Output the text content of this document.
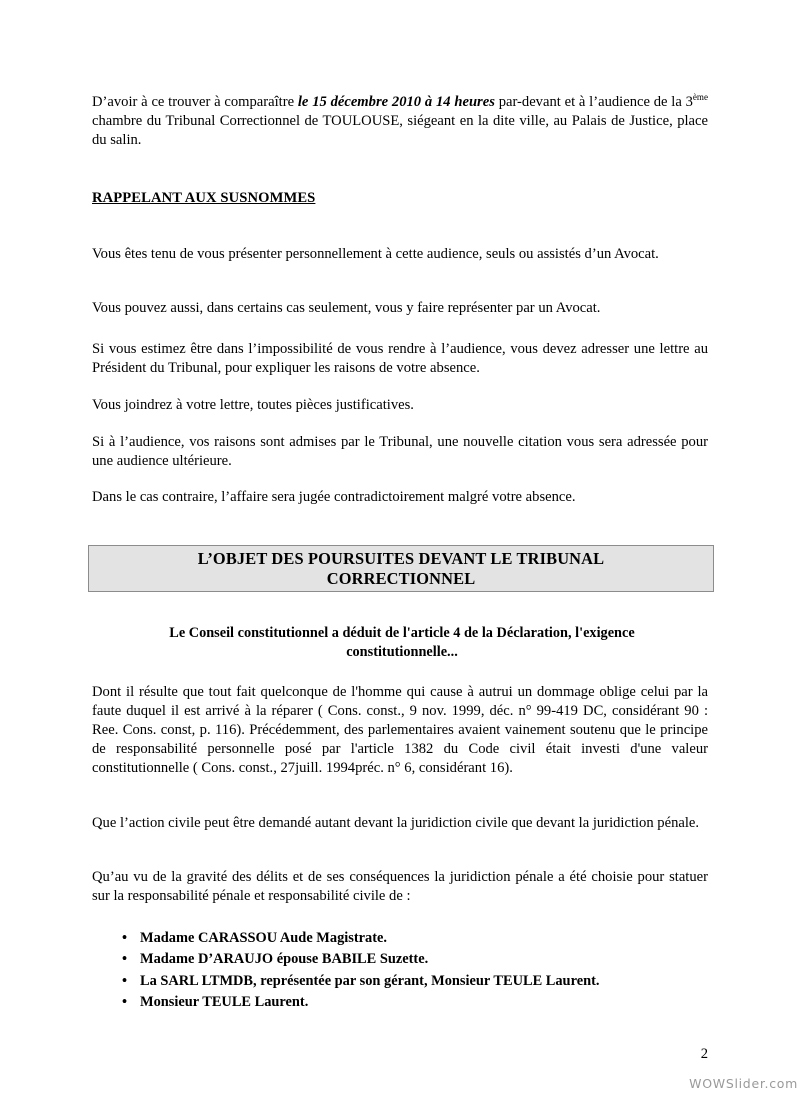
D’avoir à ce trouver à comparaître le 15 décembre 2010 à 14 heures par-devant et à l’audience de la 3ème chambre du Tribunal Correctionnel de TOULOUSE, siégeant en la dite ville, au Palais de Justice, place du salin.

RAPPELANT AUX SUSNOMMES

Vous êtes tenu de vous présenter personnellement à cette audience, seuls ou assistés d’un Avocat.

Vous pouvez aussi, dans certains cas seulement, vous y faire représenter par un Avocat.

Si vous estimez être dans l’impossibilité de vous rendre à l’audience, vous devez adresser une lettre au Président du Tribunal, pour expliquer les raisons de votre absence.

Vous joindrez à votre lettre, toutes pièces justificatives.

Si à l’audience, vos raisons sont admises par le Tribunal, une nouvelle citation vous sera adressée pour une audience ultérieure.

Dans le cas contraire, l’affaire sera jugée contradictoirement malgré votre absence.

Le Conseil constitutionnel a déduit de l'article 4 de la Déclaration, l'exigence constitutionnelle...

Dont il résulte que tout fait quelconque de l'homme qui cause à autrui un dommage oblige celui par la faute duquel il est arrivé à la réparer ( Cons. const., 9 nov. 1999, déc. n° 99-419 DC, considérant 90 : Ree. Cons. const, p. 116). Précédemment, des parlementaires avaient vainement soutenu que le principe de responsabilité personnelle posé par l'article 1382 du Code civil était investi d'une valeur constitutionnelle ( Cons. const., 27juill. 1994préc. n° 6, considérant 16).

Que l’action civile peut être demandé autant devant la juridiction civile que devant la juridiction pénale.

Qu’au vu de la gravité des délits et de ses conséquences la juridiction pénale a été choisie pour statuer sur la responsabilité pénale et responsabilité civile de :

• Madame CARASSOU Aude Magistrate.
• Madame D’ARAUJO épouse BABILE Suzette.
• La SARL LTMDB, représentée par son gérant, Monsieur TEULE Laurent.
• Monsieur TEULE Laurent.
L’OBJET DES POURSUITES DEVANT LE TRIBUNAL
CORRECTIONNEL
2
WOWSlider.com
